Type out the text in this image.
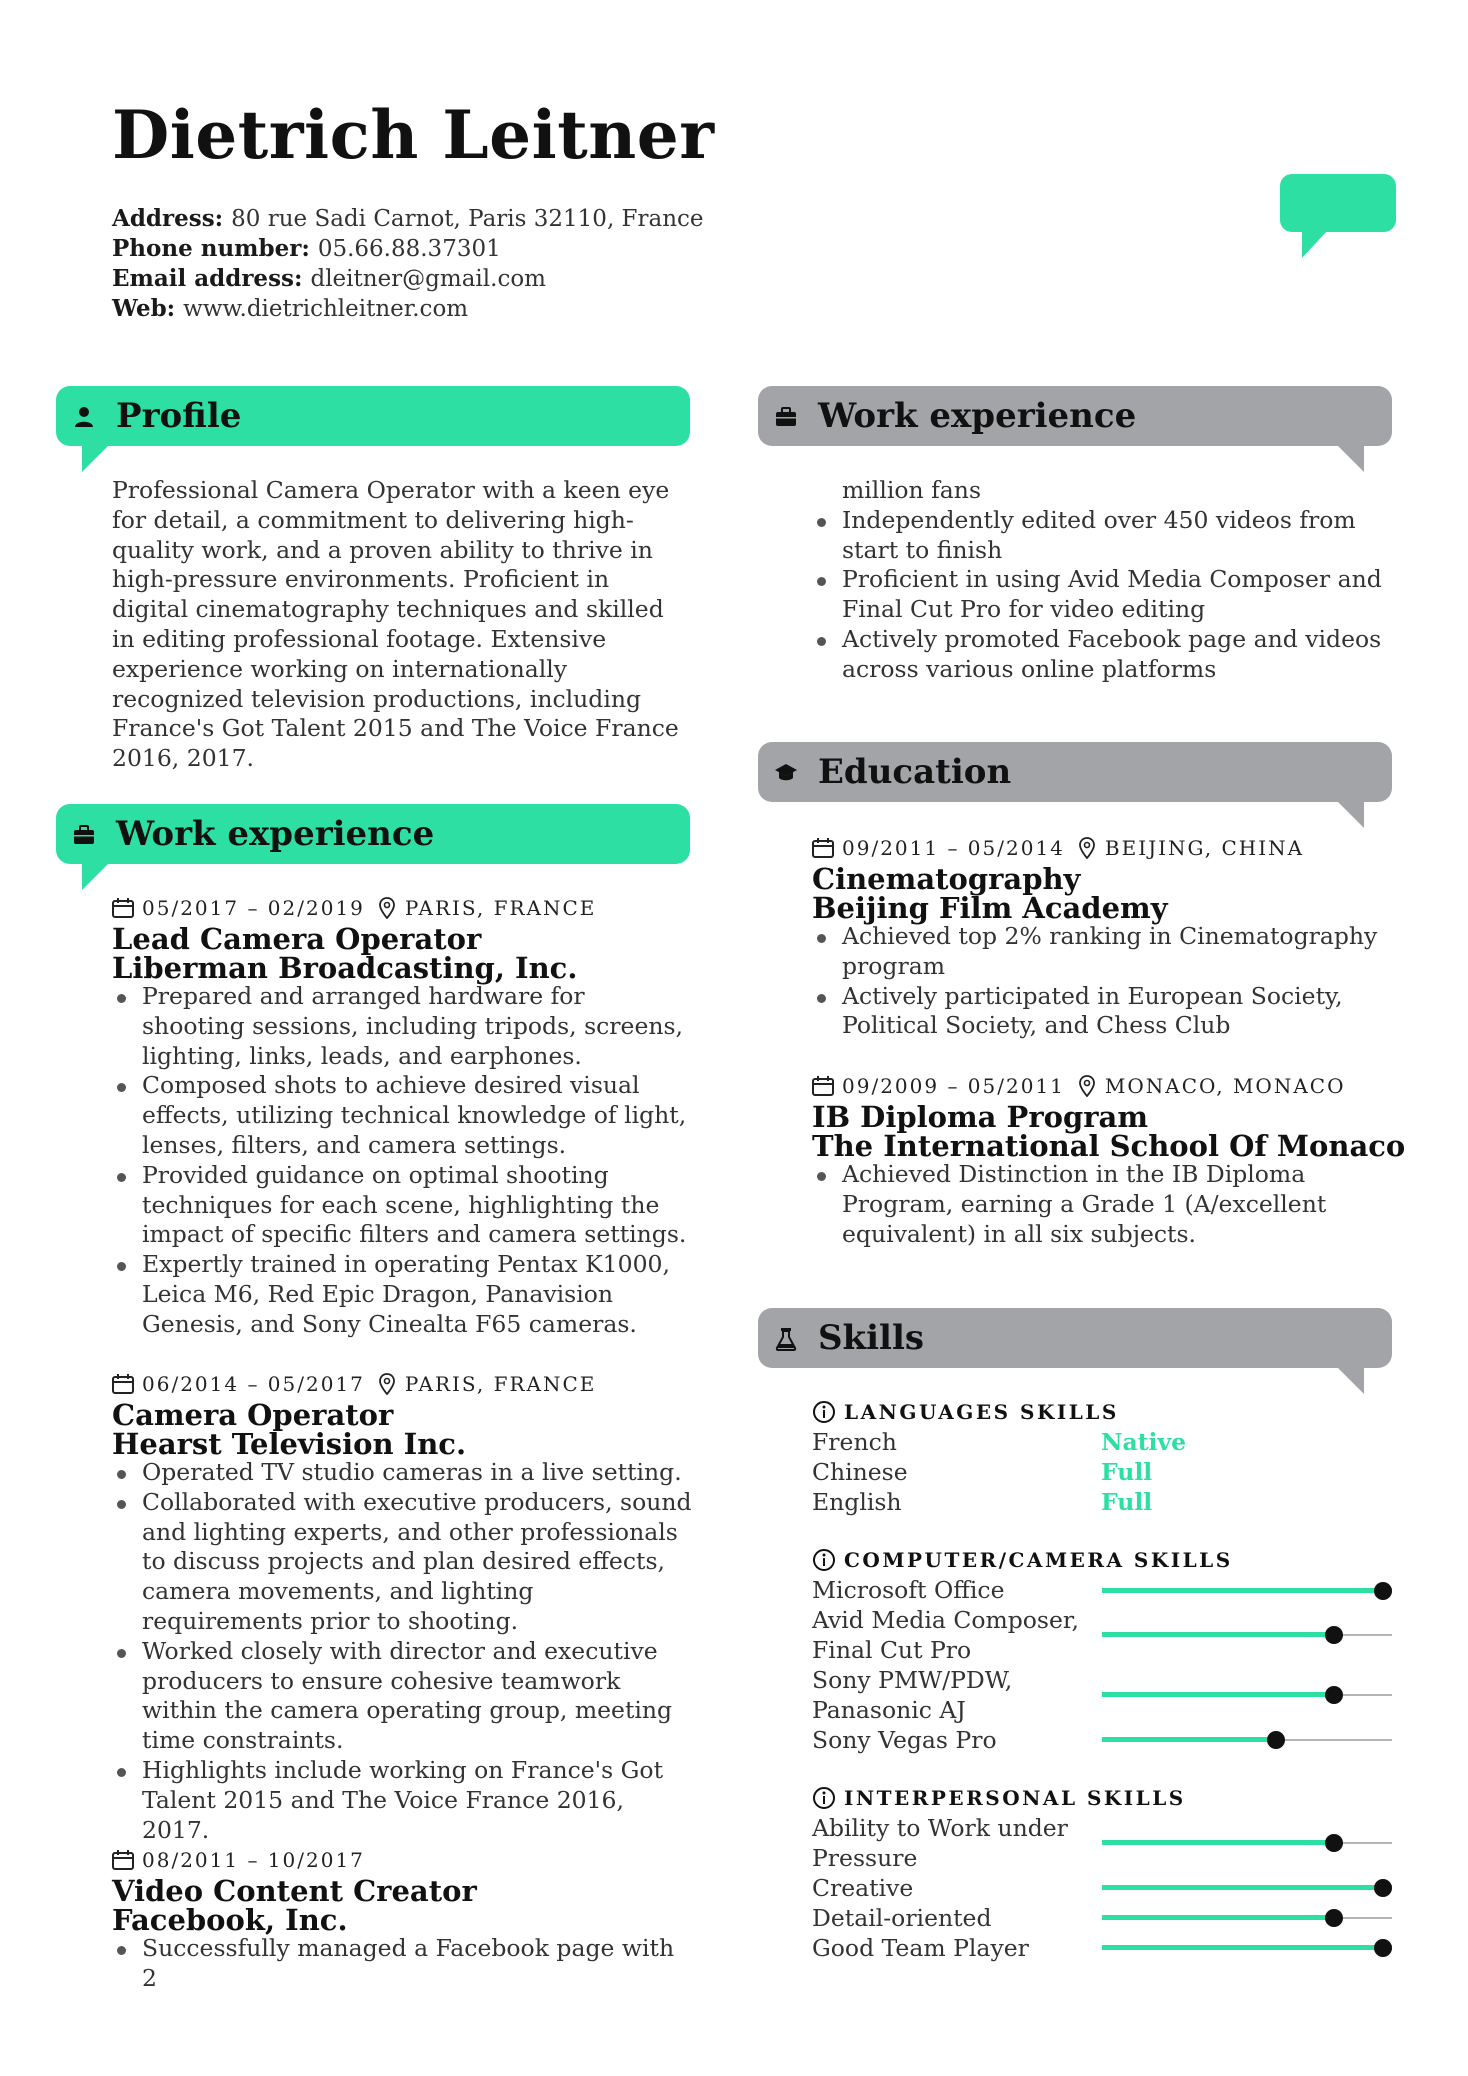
Dietrich Leitner
Address: 80 rue Sadi Carnot, Paris 32110, France
Phone number: 05.66.88.37301
Email address: dleitner@gmail.com
Web: www.dietrichleitner.com
Profile
Professional Camera Operator with a keen eye for detail, a commitment to delivering high-quality work, and a proven ability to thrive in high-pressure environments. Proficient in digital cinematography techniques and skilled in editing professional footage. Extensive experience working on internationally recognized television productions, including France's Got Talent 2015 and The Voice France 2016, 2017.
Work experience
05/2017 – 02/2019 PARIS, FRANCE
Lead Camera Operator
Liberman Broadcasting, Inc.
Prepared and arranged hardware for shooting sessions, including tripods, screens, lighting, links, leads, and earphones.
Composed shots to achieve desired visual effects, utilizing technical knowledge of light, lenses, filters, and camera settings.
Provided guidance on optimal shooting techniques for each scene, highlighting the impact of specific filters and camera settings.
Expertly trained in operating Pentax K1000, Leica M6, Red Epic Dragon, Panavision Genesis, and Sony Cinealta F65 cameras.
06/2014 – 05/2017 PARIS, FRANCE
Camera Operator
Hearst Television Inc.
Operated TV studio cameras in a live setting.
Collaborated with executive producers, sound and lighting experts, and other professionals to discuss projects and plan desired effects, camera movements, and lighting requirements prior to shooting.
Worked closely with director and executive producers to ensure cohesive teamwork within the camera operating group, meeting time constraints.
Highlights include working on France's Got Talent 2015 and The Voice France 2016, 2017.
08/2011 – 10/2017
Video Content Creator
Facebook, Inc.
Successfully managed a Facebook page with 2
Work experience
million fans
Independently edited over 450 videos from start to finish
Proficient in using Avid Media Composer and Final Cut Pro for video editing
Actively promoted Facebook page and videos across various online platforms
Education
09/2011 – 05/2014 BEIJING, CHINA
Cinematography
Beijing Film Academy
Achieved top 2% ranking in Cinematography program
Actively participated in European Society, Political Society, and Chess Club
09/2009 – 05/2011 MONACO, MONACO
IB Diploma Program
The International School Of Monaco
Achieved Distinction in the IB Diploma Program, earning a Grade 1 (A/excellent equivalent) in all six subjects.
Skills
LANGUAGES SKILLS
French	Native
Chinese	Full
English	Full
COMPUTER/CAMERA SKILLS
Microsoft Office
Avid Media Composer, Final Cut Pro
Sony PMW/PDW, Panasonic AJ
Sony Vegas Pro
INTERPERSONAL SKILLS
Ability to Work under Pressure
Creative
Detail-oriented
Good Team Player
